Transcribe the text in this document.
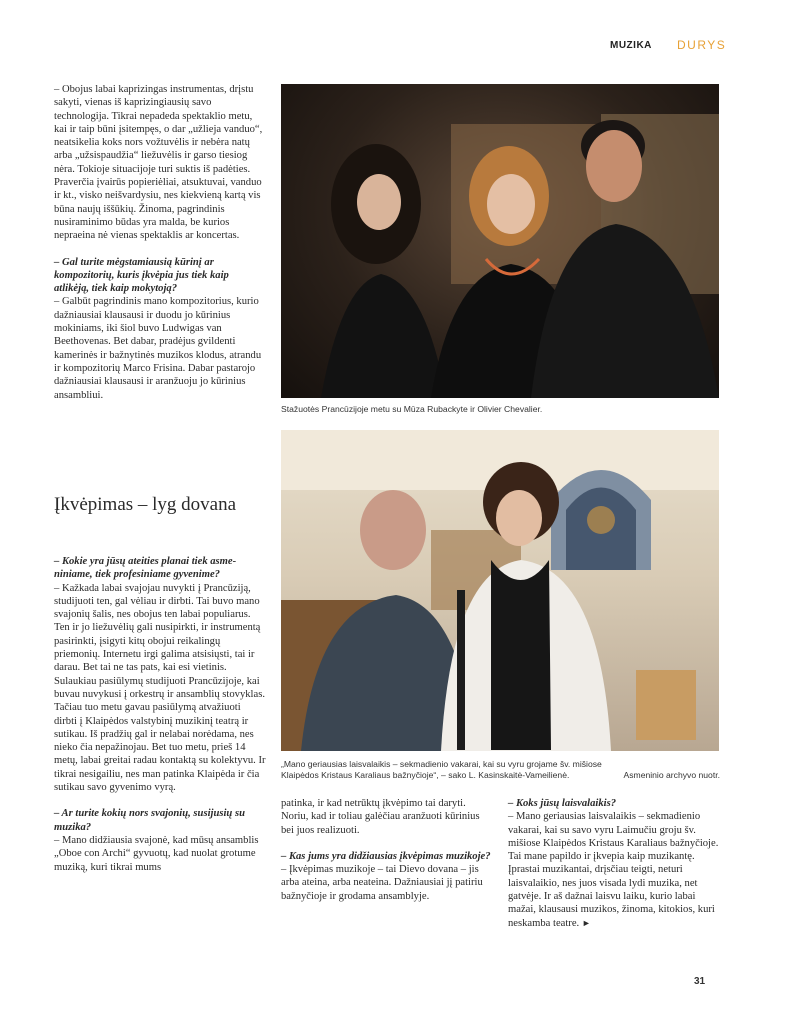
MUZIKA DURYS

– Obojus labai kaprizingas instrumentas, drįstu sakyti, vienas iš kaprizingiausių savo technologija. Tikrai nepadeda spektaklio metu, kai ir taip būni įsitempęs, o dar „užlieja vanduo“, neatsikelia koks nors vožtuvėlis ir nebėra natų arba „užsispaudžia“ liežuvėlis ir garso tiesiog nėra. Tokioje situacijoje turi suktis iš padėties. Praverčia įvairūs popieriėliai, atsuktuvai, vanduo ir kt., visko neišvardysiu, nes kiekvieną kartą vis būna naujų iššūkių. Žinoma, pagrindinis nusiraminimo būdas yra malda, be kurios nepraeina nė vienas spektaklis ar koncertas.

– Gal turite mėgstamiausią kūrinį ar kompozitorių, kuris įkvėpia jus tiek kaip atlikėją, tiek kaip mokytoją?

– Galbūt pagrindinis mano kompozitorius, kurio dažniausiai klausausi ir duodu jo kūrinius mokiniams, iki šiol buvo Ludwigas van Beethovenas. Bet dabar, pradėjus gvildenti kamerinės ir bažnytinės muzikos klodus, atrandu ir kompozitorių Marco Frisina. Dabar pastarojo dažniausiai klausausi ir aranžuoju jo kūrinius ansambliui.

Įkvėpimas – lyg dovana

– Kokie yra jūsų ateities planai tiek asmeniniame, tiek profesiniame gyvenime?

– Kažkada labai svajojau nuvykti į Prancūziją, studijuoti ten, gal vėliau ir dirbti. Tai buvo mano svajonių šalis, nes obojus ten labai populiarus. Ten ir jo liežuvėlių gali nusipirkti, ir instrumentą pasirinkti, įsigyti kitų obojui reikalingų priemonių. Internetu irgi galima atsisiųsti, tai ir darau. Bet tai ne tas pats, kai esi vietinis. Sulaukiau pasiūlymų studijuoti Prancūzijoje, kai buvau nuvykusi į orkestrų ir ansamblių stovyklas. Tačiau tuo metu gavau pasiūlymą atvažiuoti dirbti į Klaipėdos valstybinį muzikinį teatrą ir sutikau. Iš pradžių gal ir nelabai norėdama, nes nieko čia nepažinojau. Bet tuo metu, prieš 14 metų, labai greitai radau kontaktą su kolektyvu. Ir tikrai nesigailiu, nes man patinka Klaipėda ir čia sutikau savo gyvenimo vyrą.

– Ar turite kokių nors svajonių, susijusių su muzika?

– Mano didžiausia svajonė, kad mūsų ansamblis „Oboe con Archi“ gyvuotų, kad nuolat grotume muziką, kuri tikrai mums

Stažuotės Prancūzijoje metu su Mūza Rubackyte ir Olivier Chevalier.
„Mano geriausias laisvalaikis – sekmadienio vakarai, kai su vyru grojame šv. mišiose Klaipėdos Kristaus Karaliaus bažnyčioje“, – sako L. Kasinskaitė-Vameilienė.	Asmeninio archyvo nuotr.

patinka, ir kad netrūktų įkvėpimo tai daryti. Noriu, kad ir toliau galėčiau aranžuoti kūrinius bei juos realizuoti.

– Kas jums yra didžiausias įkvėpimas muzikoje?

– Įkvėpimas muzikoje – tai Dievo dovana – jis arba ateina, arba neateina. Dаžniausiai jį patiriu bažnyčioje ir grodama ansamblyje.

– Koks jūsų laisvalaikis?

– Mano geriausias laisvalaikis – sekmadienio vakarai, kai su savo vyru Laimučiu groju šv. mišiose Klaipėdos Kristaus Karaliaus bažnyčioje. Tai mane papildo ir įkvepia kaip muzikantę. Įprastai muzikantai, drįsčiau teigti, neturi laisvalaikio, nes juos visada lydi muzika, net gatvėje. Ir aš dažnai laisvu laiku, kurio labai mažai, klausausi muzikos, žinoma, kitokios, kuri neskamba teatre. ►

31
